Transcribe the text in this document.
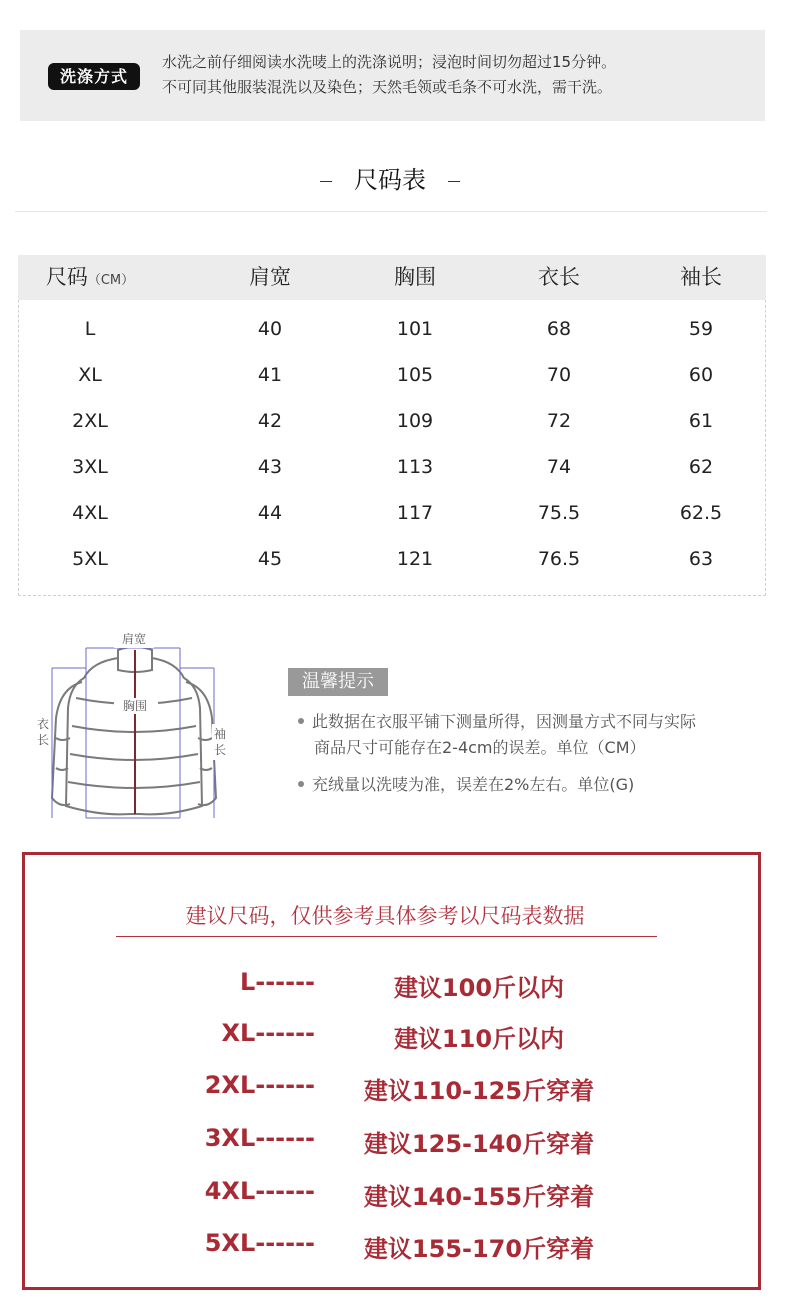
洗涤方式
水洗之前仔细阅读水洗唛上的洗涤说明；浸泡时间切勿超过15分钟。
不可同其他服装混洗以及染色；天然毛领或毛条不可水洗，需干洗。
尺码表
尺码（CM）	肩宽	胸围	衣长	袖长
L	40	101	68	59
XL	41	105	70	60
2XL	42	109	72	61
3XL	43	113	74	62
4XL	44	117	75.5	62.5
5XL	45	121	76.5	63
肩宽
胸围
衣
长	袖
长
温馨提示
此数据在衣服平铺下测量所得，因测量方式不同与实际
商品尺寸可能存在2-4cm的误差。单位（CM）
充绒量以洗唛为准，误差在2%左右。单位(G)
建议尺码，仅供参考具体参考以尺码表数据
L------	建议100斤以内
XL------	建议110斤以内
2XL------	建议110-125斤穿着
3XL------	建议125-140斤穿着
4XL------	建议140-155斤穿着
5XL------	建议155-170斤穿着
